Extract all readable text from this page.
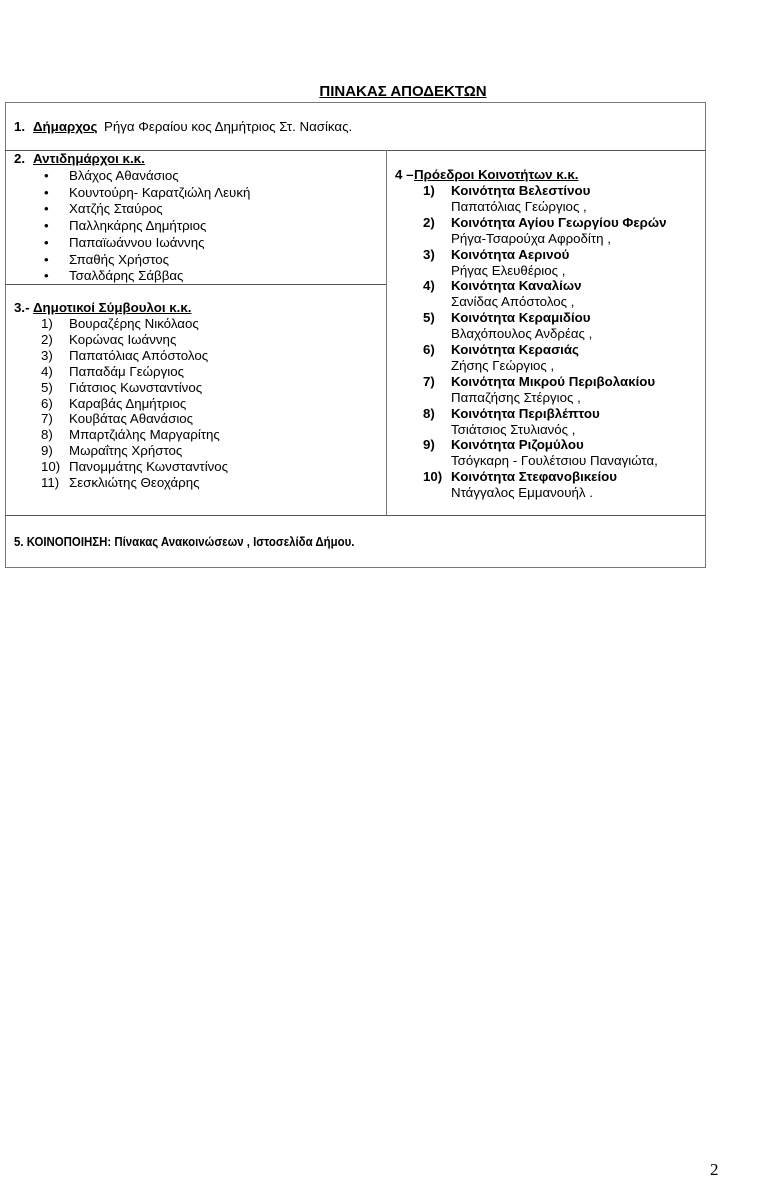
ΠΙΝΑΚΑΣ ΑΠΟΔΕΚΤΩΝ
1. Δήμαρχος Ρήγα Φεραίου κος Δημήτριος Στ. Νασίκας.
2. Αντιδημάρχοι κ.κ.
3.- Δημοτικοί Σύμβουλοι κ.κ.
4 – Πρόεδροι Κοινοτήτων κ.κ.
5. ΚΟΙΝΟΠΟΙΗΣΗ: Πίνακας Ανακοινώσεων , Ιστοσελίδα Δήμου.
2
• Βλάχος Αθανάσιος
• Κουντούρη- Καρατζιώλη Λευκή
• Χατζής Σταύρος
• Παλληκάρης Δημήτριος
• Παπαϊωάννου Ιωάννης
• Σπαθής Χρήστος
• Τσαλδάρης Σάββας
1) Βουραζέρης Νικόλαος
2) Κορώνας Ιωάννης
3) Παπατόλιας Απόστολος
4) Παπαδάμ Γεώργιος
5) Γιάτσιος Κωνσταντίνος
6) Καραβάς Δημήτριος
7) Κουβάτας Αθανάσιος
8) Μπαρτζιάλης Μαργαρίτης
9) Μωραΐτης Χρήστος
10) Πανομμάτης Κωνσταντίνος
11) Σεσκλιώτης Θεοχάρης
1) Κοινότητα Βελεστίνου
Παπατόλιας Γεώργιος ,
2) Κοινότητα Αγίου Γεωργίου Φερών
Ρήγα-Τσαρούχα Αφροδίτη ,
3) Κοινότητα Αερινού
Ρήγας Ελευθέριος ,
4) Κοινότητα Καναλίων
Σανίδας Απόστολος ,
5) Κοινότητα Κεραμιδίου
Βλαχόπουλος Ανδρέας ,
6) Κοινότητα Κερασιάς
Ζήσης Γεώργιος ,
7) Κοινότητα Μικρού Περιβολακίου
Παπαζήσης Στέργιος ,
8) Κοινότητα Περιβλέπτου
Τσιάτσιος Στυλιανός ,
9) Κοινότητα Ριζομύλου
Τσόγκαρη - Γουλέτσιου Παναγιώτα,
10) Κοινότητα Στεφανοβικείου
Ντάγγαλος Εμμανουήλ .
